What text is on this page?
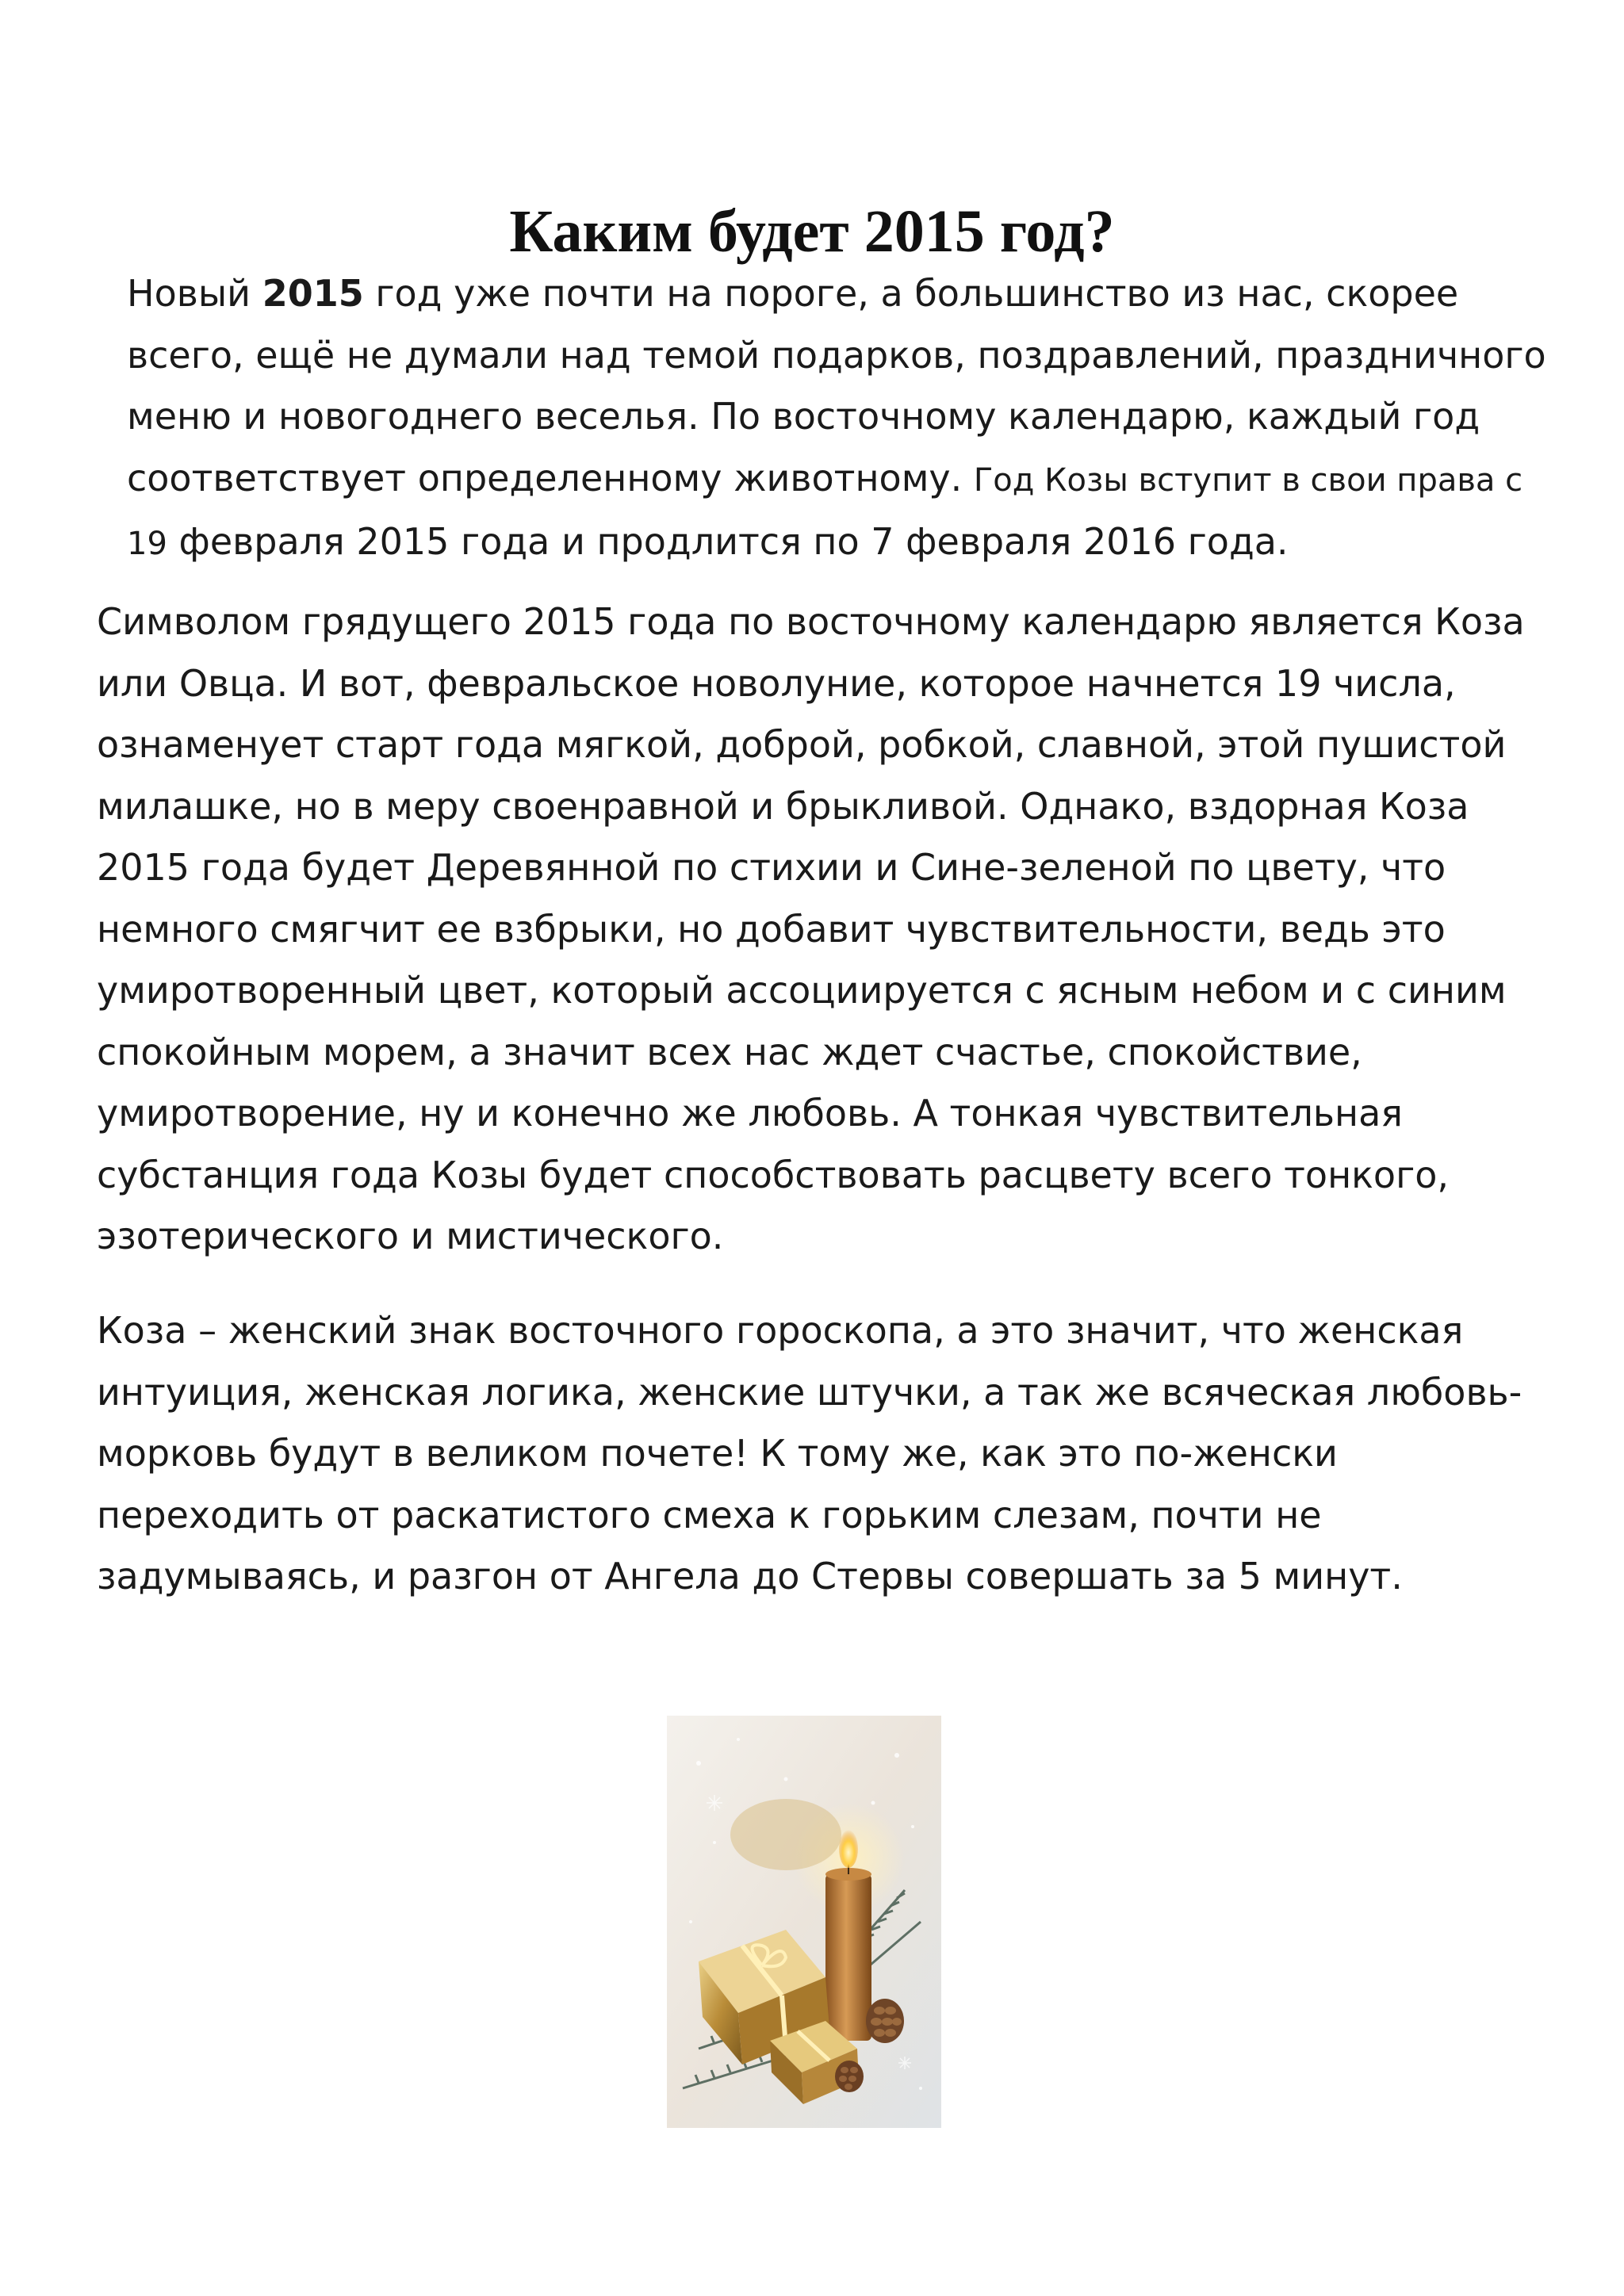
Каким будет 2015 год?

Новый 2015 год уже почти на пороге, а большинство из нас, скорее всего, ещё не думали над темой подарков, поздравлений, праздничного меню и новогоднего веселья. По восточному календарю, каждый год соответствует определенному животному. Год Козы вступит в свои права с 19 февраля 2015 года и продлится по 7 февраля 2016 года.

Символом грядущего 2015 года по восточному календарю является Коза или Овца. И вот, февральское новолуние, которое начнется 19 числа, ознаменует старт года мягкой, доброй, робкой, славной, этой пушистой милашке, но в меру своенравной и брыкливой. Однако, вздорная Коза 2015 года будет Деревянной по стихии и Сине-зеленой по цвету, что немного смягчит ее взбрыки, но добавит чувствительности, ведь это умиротворенный цвет, который ассоциируется с ясным небом и с синим спокойным морем, а значит всех нас ждет счастье, спокойствие, умиротворение, ну и конечно же любовь. А тонкая чувствительная субстанция года Козы будет способствовать расцвету всего тонкого, эзотерического и мистического.

Коза – женский знак восточного гороскопа, а это значит, что женская интуиция, женская логика, женские штучки, а так же всяческая любовь-морковь будут в великом почете! К тому же, как это по-женски переходить от раскатистого смеха к горьким слезам, почти не задумываясь, и разгон от Ангела до Стервы совершать за 5 минут.
